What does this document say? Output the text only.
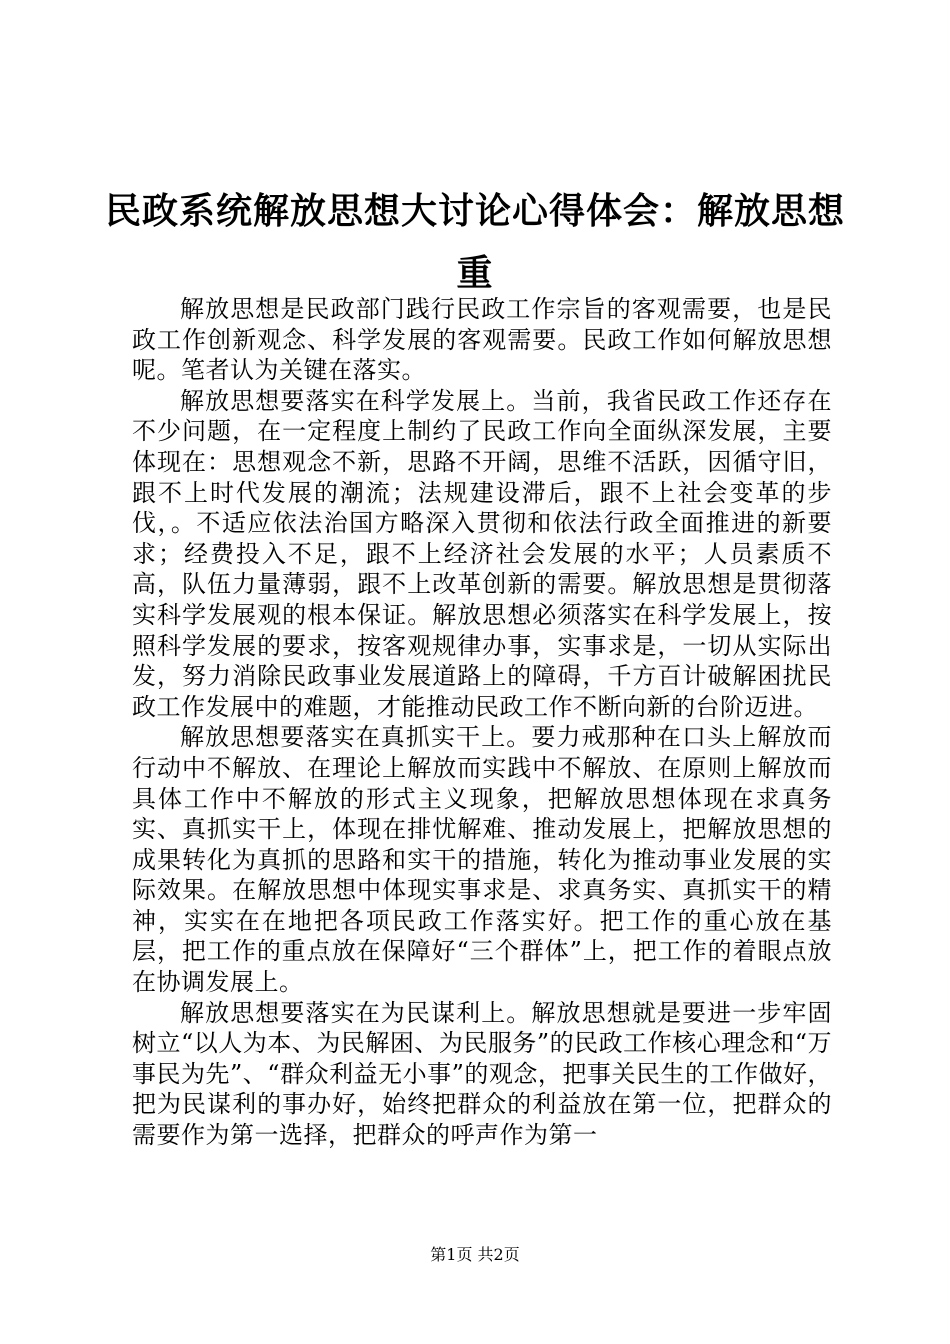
民政系统解放思想大讨论心得体会：解放思想重

解放思想是民政部门践行民政工作宗旨的客观需要，也是民政工作创新观念、科学发展的客观需要。民政工作如何解放思想呢。笔者认为关键在落实。

解放思想要落实在科学发展上。当前，我省民政工作还存在不少问题，在一定程度上制约了民政工作向全面纵深发展，主要体现在：思想观念不新，思路不开阔，思维不活跃，因循守旧，跟不上时代发展的潮流；法规建设滞后，跟不上社会变革的步伐，。不适应依法治国方略深入贯彻和依法行政全面推进的新要求；经费投入不足，跟不上经济社会发展的水平；人员素质不高，队伍力量薄弱，跟不上改革创新的需要。解放思想是贯彻落实科学发展观的根本保证。解放思想必须落实在科学发展上，按照科学发展的要求，按客观规律办事，实事求是，一切从实际出发，努力消除民政事业发展道路上的障碍，千方百计破解困扰民政工作发展中的难题，才能推动民政工作不断向新的台阶迈进。

解放思想要落实在真抓实干上。要力戒那种在口头上解放而行动中不解放、在理论上解放而实践中不解放、在原则上解放而具体工作中不解放的形式主义现象，把解放思想体现在求真务实、真抓实干上，体现在排忧解难、推动发展上，把解放思想的成果转化为真抓的思路和实干的措施，转化为推动事业发展的实际效果。在解放思想中体现实事求是、求真务实、真抓实干的精神，实实在在地把各项民政工作落实好。把工作的重心放在基层，把工作的重点放在保障好“三个群体”上，把工作的着眼点放在协调发展上。

解放思想要落实在为民谋利上。解放思想就是要进一步牢固树立“以人为本、为民解困、为民服务”的民政工作核心理念和“万事民为先”、“群众利益无小事”的观念，把事关民生的工作做好，把为民谋利的事办好，始终把群众的利益放在第一位，把群众的需要作为第一选择，把群众的呼声作为第一

第1页 共2页
